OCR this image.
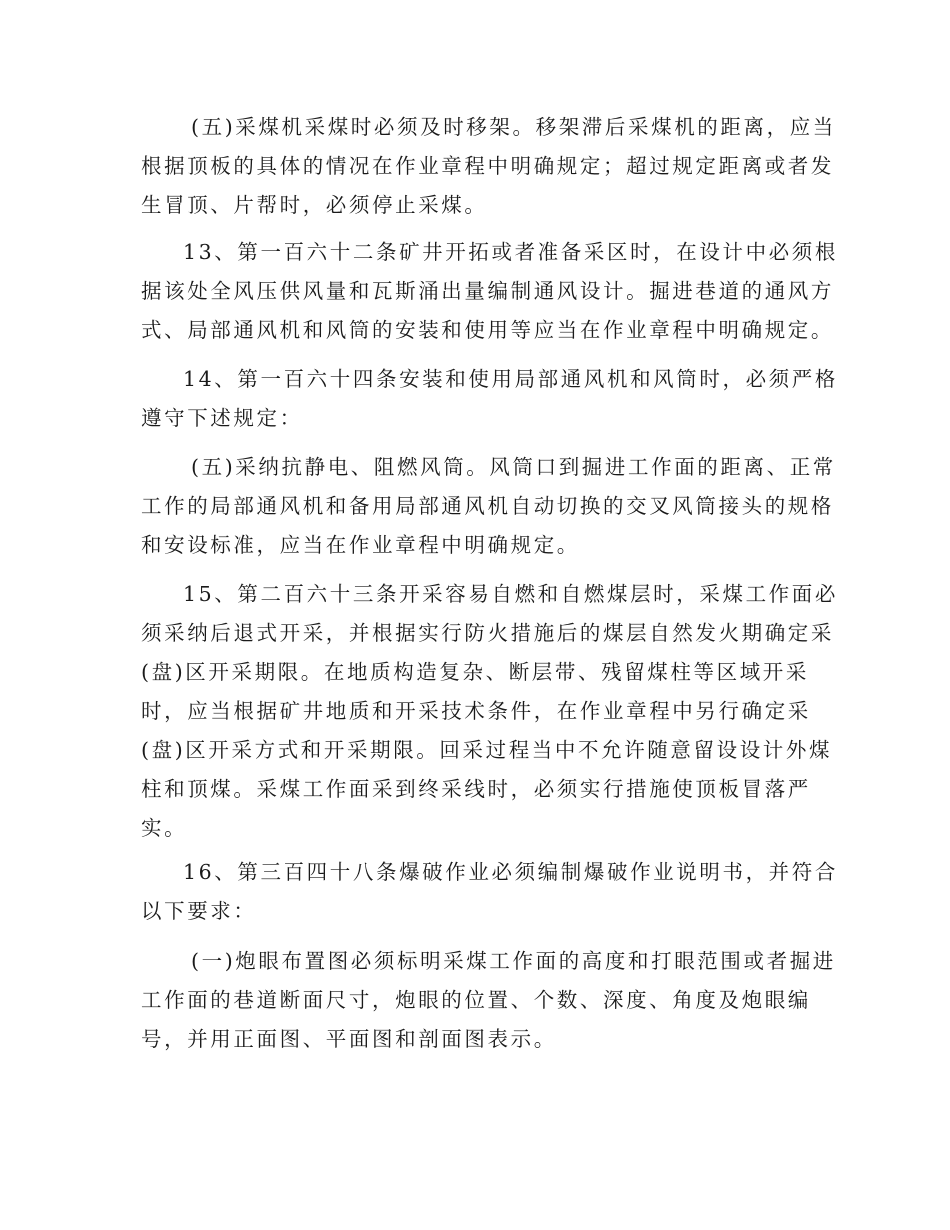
(五)采煤机采煤时必须及时移架。移架滞后采煤机的距离，应当
根据顶板的具体的情况在作业章程中明确规定；超过规定距离或者发
生冒顶、片帮时，必须停止采煤。

13、第一百六十二条矿井开拓或者准备采区时，在设计中必须根
据该处全风压供风量和瓦斯涌出量编制通风设计。掘进巷道的通风方
式、局部通风机和风筒的安装和使用等应当在作业章程中明确规定。

14、第一百六十四条安装和使用局部通风机和风筒时，必须严格
遵守下述规定：

(五)采纳抗静电、阻燃风筒。风筒口到掘进工作面的距离、正常
工作的局部通风机和备用局部通风机自动切换的交叉风筒接头的规格
和安设标准，应当在作业章程中明确规定。

15、第二百六十三条开采容易自燃和自燃煤层时，采煤工作面必
须采纳后退式开采，并根据实行防火措施后的煤层自然发火期确定采
(盘)区开采期限。在地质构造复杂、断层带、残留煤柱等区域开采
时，应当根据矿井地质和开采技术条件，在作业章程中另行确定采
(盘)区开采方式和开采期限。回采过程当中不允许随意留设设计外煤
柱和顶煤。采煤工作面采到终采线时，必须实行措施使顶板冒落严
实。

16、第三百四十八条爆破作业必须编制爆破作业说明书，并符合
以下要求：

(一)炮眼布置图必须标明采煤工作面的高度和打眼范围或者掘进
工作面的巷道断面尺寸，炮眼的位置、个数、深度、角度及炮眼编
号，并用正面图、平面图和剖面图表示。
